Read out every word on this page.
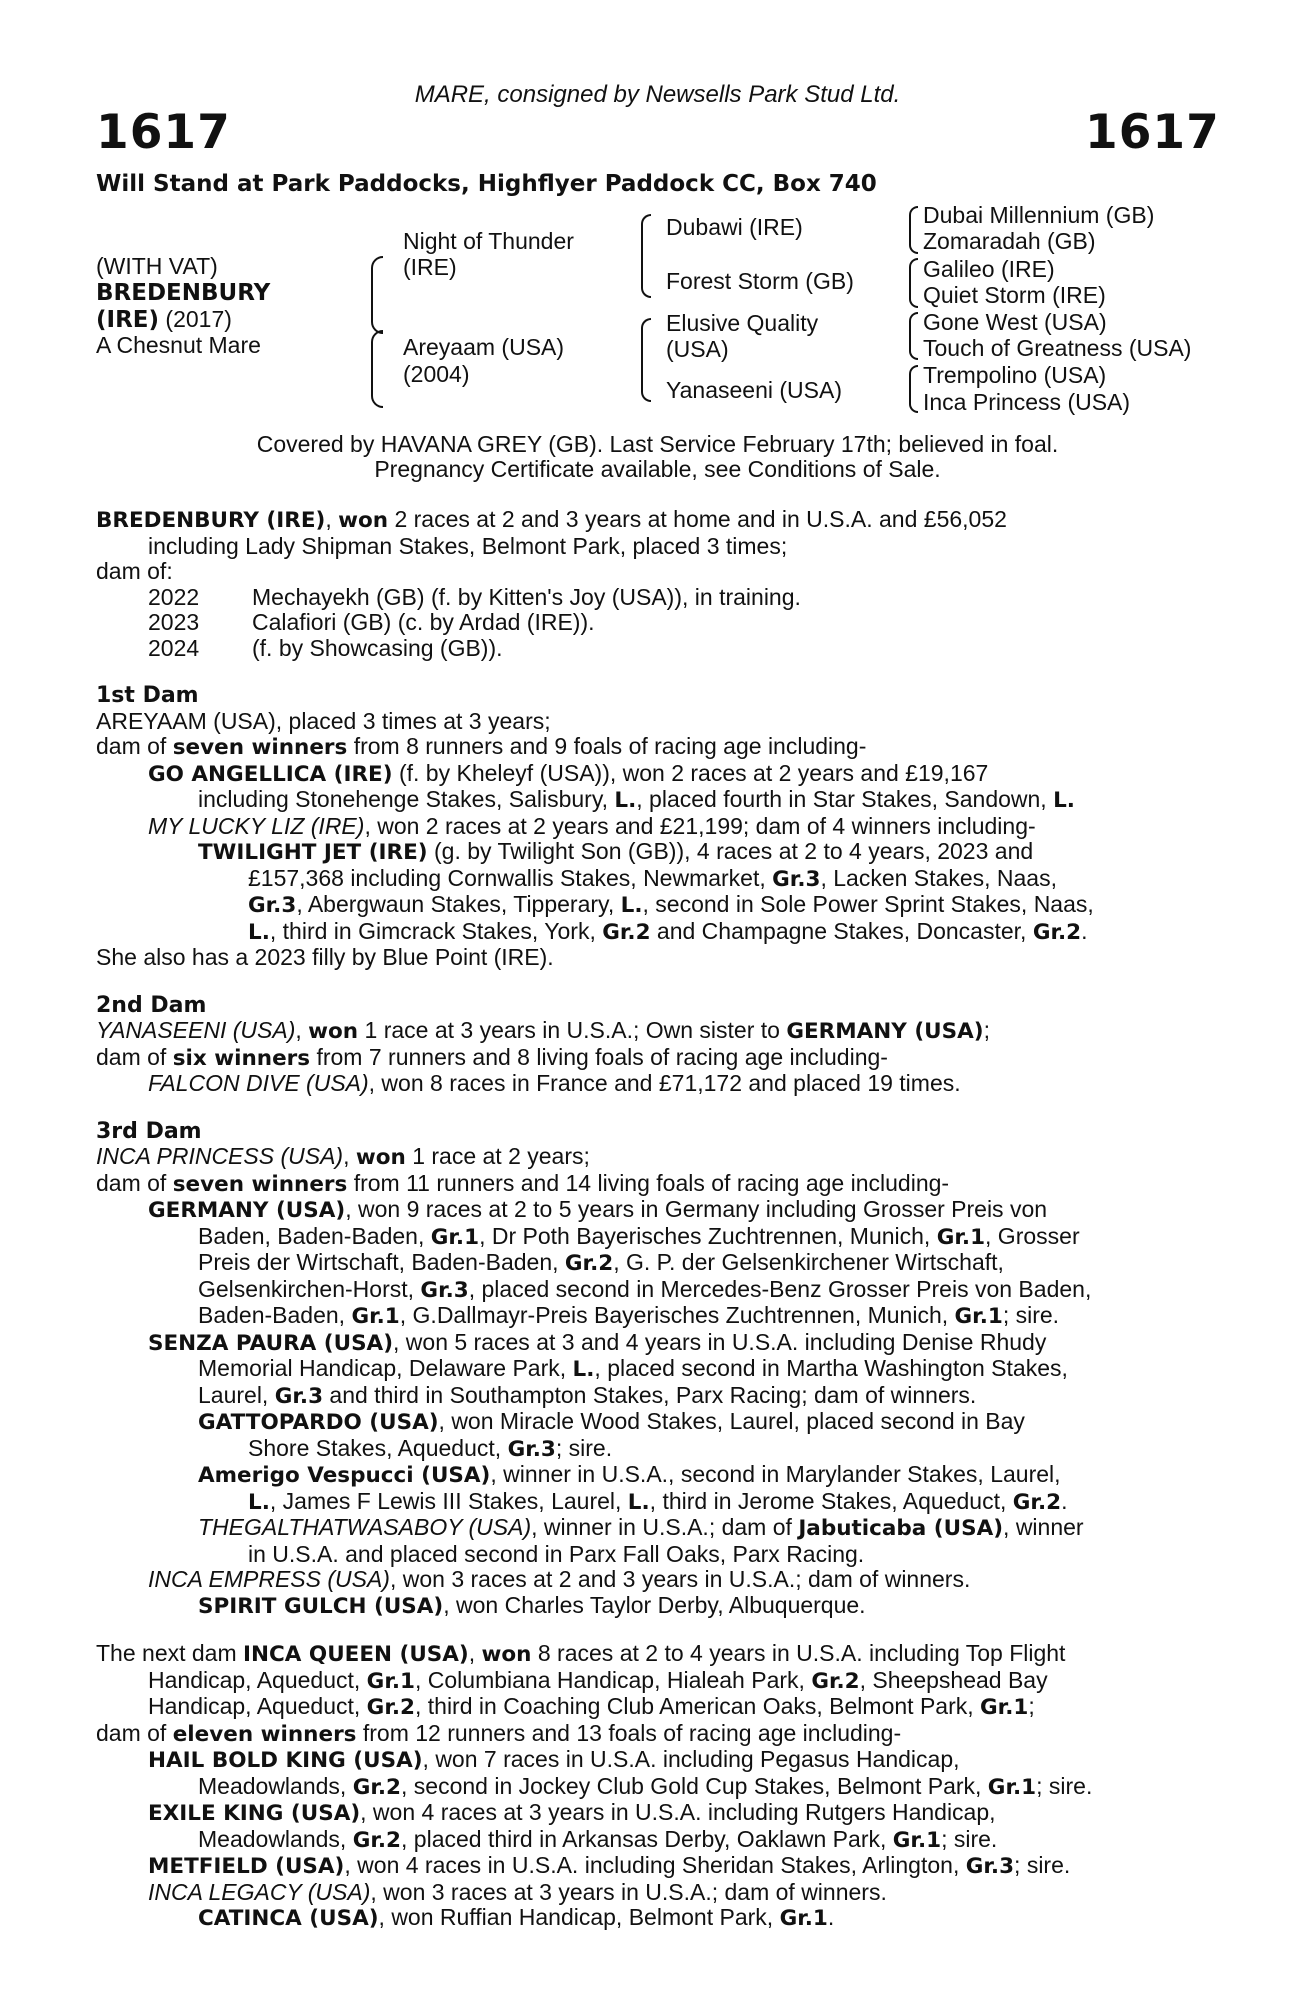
MARE, consigned by Newsells Park Stud Ltd.
1617	1617
Will Stand at Park Paddocks, Highflyer Paddock CC, Box 740
(WITH VAT)
BREDENBURY
(IRE) (2017)
A Chesnut Mare
Night of Thunder
(IRE)
Areyaam (USA)
(2004)
Dubawi (IRE)
Forest Storm (GB)
Elusive Quality
(USA)
Yanaseeni (USA)
Dubai Millennium (GB)
Zomaradah (GB)
Galileo (IRE)
Quiet Storm (IRE)
Gone West (USA)
Touch of Greatness (USA)
Trempolino (USA)
Inca Princess (USA)
Covered by HAVANA GREY (GB). Last Service February 17th; believed in foal.
Pregnancy Certificate available, see Conditions of Sale.

BREDENBURY (IRE), won 2 races at 2 and 3 years at home and in U.S.A. and £56,052

including Lady Shipman Stakes, Belmont Park, placed 3 times;

dam of:

2022	Mechayekh (GB) (f. by Kitten's Joy (USA)), in training.
2023	Calafiori (GB) (c. by Ardad (IRE)).
2024	(f. by Showcasing (GB)).

1st Dam

AREYAAM (USA), placed 3 times at 3 years;

dam of seven winners from 8 runners and 9 foals of racing age including-

GO ANGELLICA (IRE) (f. by Kheleyf (USA)), won 2 races at 2 years and £19,167

including Stonehenge Stakes, Salisbury, L., placed fourth in Star Stakes, Sandown, L.

MY LUCKY LIZ (IRE), won 2 races at 2 years and £21,199; dam of 4 winners including-

TWILIGHT JET (IRE) (g. by Twilight Son (GB)), 4 races at 2 to 4 years, 2023 and

£157,368 including Cornwallis Stakes, Newmarket, Gr.3, Lacken Stakes, Naas,

Gr.3, Abergwaun Stakes, Tipperary, L., second in Sole Power Sprint Stakes, Naas,

L., third in Gimcrack Stakes, York, Gr.2 and Champagne Stakes, Doncaster, Gr.2.

She also has a 2023 filly by Blue Point (IRE).

2nd Dam

YANASEENI (USA), won 1 race at 3 years in U.S.A.; Own sister to GERMANY (USA);

dam of six winners from 7 runners and 8 living foals of racing age including-

FALCON DIVE (USA), won 8 races in France and £71,172 and placed 19 times.

3rd Dam

INCA PRINCESS (USA), won 1 race at 2 years;

dam of seven winners from 11 runners and 14 living foals of racing age including-

GERMANY (USA), won 9 races at 2 to 5 years in Germany including Grosser Preis von

Baden, Baden-Baden, Gr.1, Dr Poth Bayerisches Zuchtrennen, Munich, Gr.1, Grosser

Preis der Wirtschaft, Baden-Baden, Gr.2, G. P. der Gelsenkirchener Wirtschaft,

Gelsenkirchen-Horst, Gr.3, placed second in Mercedes-Benz Grosser Preis von Baden,

Baden-Baden, Gr.1, G.Dallmayr-Preis Bayerisches Zuchtrennen, Munich, Gr.1; sire.

SENZA PAURA (USA), won 5 races at 3 and 4 years in U.S.A. including Denise Rhudy

Memorial Handicap, Delaware Park, L., placed second in Martha Washington Stakes,

Laurel, Gr.3 and third in Southampton Stakes, Parx Racing; dam of winners.

GATTOPARDO (USA), won Miracle Wood Stakes, Laurel, placed second in Bay

Shore Stakes, Aqueduct, Gr.3; sire.

Amerigo Vespucci (USA), winner in U.S.A., second in Marylander Stakes, Laurel,

L., James F Lewis III Stakes, Laurel, L., third in Jerome Stakes, Aqueduct, Gr.2.

THEGALTHATWASABOY (USA), winner in U.S.A.; dam of Jabuticaba (USA), winner

in U.S.A. and placed second in Parx Fall Oaks, Parx Racing.

INCA EMPRESS (USA), won 3 races at 2 and 3 years in U.S.A.; dam of winners.

SPIRIT GULCH (USA), won Charles Taylor Derby, Albuquerque.

The next dam INCA QUEEN (USA), won 8 races at 2 to 4 years in U.S.A. including Top Flight

Handicap, Aqueduct, Gr.1, Columbiana Handicap, Hialeah Park, Gr.2, Sheepshead Bay

Handicap, Aqueduct, Gr.2, third in Coaching Club American Oaks, Belmont Park, Gr.1;

dam of eleven winners from 12 runners and 13 foals of racing age including-

HAIL BOLD KING (USA), won 7 races in U.S.A. including Pegasus Handicap,

Meadowlands, Gr.2, second in Jockey Club Gold Cup Stakes, Belmont Park, Gr.1; sire.

EXILE KING (USA), won 4 races at 3 years in U.S.A. including Rutgers Handicap,

Meadowlands, Gr.2, placed third in Arkansas Derby, Oaklawn Park, Gr.1; sire.

METFIELD (USA), won 4 races in U.S.A. including Sheridan Stakes, Arlington, Gr.3; sire.

INCA LEGACY (USA), won 3 races at 3 years in U.S.A.; dam of winners.

CATINCA (USA), won Ruffian Handicap, Belmont Park, Gr.1.
